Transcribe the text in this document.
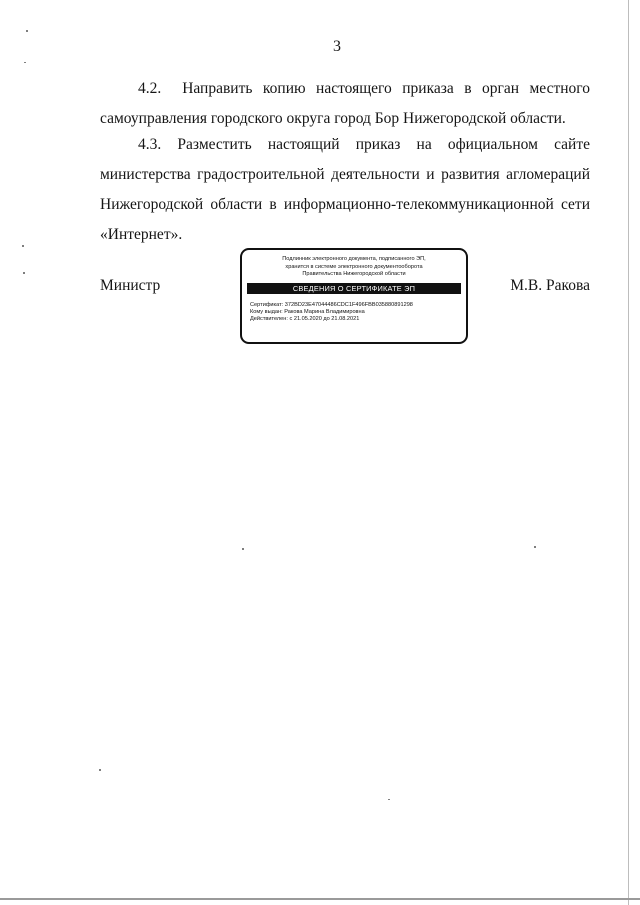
3

4.2. Направить копию настоящего приказа в орган местного самоуправления городского округа город Бор Нижегородской области.

4.3. Разместить настоящий приказ на официальном сайте министерства градостроительной деятельности и развития агломераций Нижегородской области в информационно-телекоммуникационной сети «Интернет».

Министр	М.В. Ракова
Подлинник электронного документа, подписанного ЭП,
хранится в системе электронного документооборота
Правительства Нижегородской области
СВЕДЕНИЯ О СЕРТИФИКАТЕ ЭП
Сертификат: 372BD23E47044486CDC1F496FBB035880891298
Кому выдан: Ракова Марина Владимировна
Действителен: с 21.05.2020 до 21.08.2021
